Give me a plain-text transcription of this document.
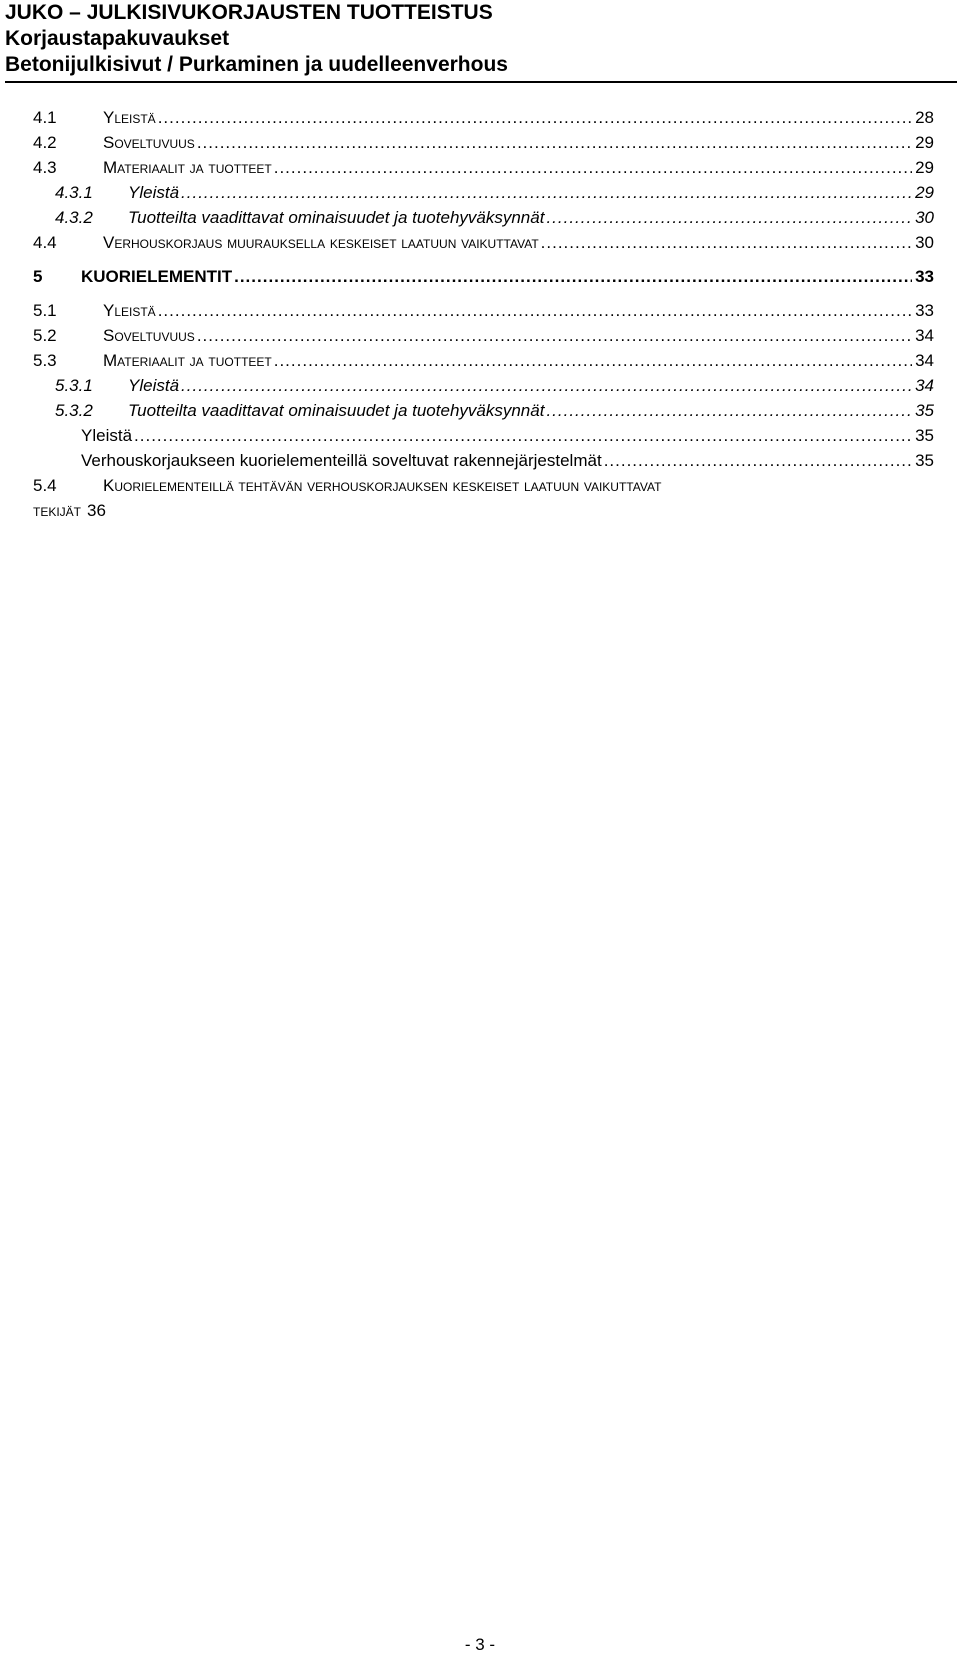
JUKO – JULKISIVUKORJAUSTEN TUOTTEISTUS
Korjaustapakuvaukset
Betonijulkisivut / Purkaminen ja uudelleenverhous
4.1	Yleistä .....	28
4.2	Soveltuvuus .....	29
4.3	Materiaalit ja tuotteet .....	29
4.3.1 Yleistä .....	29
4.3.2 Tuotteilta vaadittavat ominaisuudet ja tuotehyväksynnät .....	30
4.4	Verhouskorjaus muurauksella keskeiset laatuun vaikuttavat .....	30
5 KUORIELEMENTIT .....	33
5.1	Yleistä .....	33
5.2	Soveltuvuus .....	34
5.3	Materiaalit ja tuotteet .....	34
5.3.1 Yleistä .....	34
5.3.2 Tuotteilta vaadittavat ominaisuudet ja tuotehyväksynnät .....	35
Yleistä .....	35
Verhouskorjaukseen kuorielementeillä soveltuvat rakennejärjestelmät .....	35
5.4	Kuorielementeillä tehtävän verhouskorjauksen keskeiset laatuun vaikuttavat
tekijät 36
- 3 -
